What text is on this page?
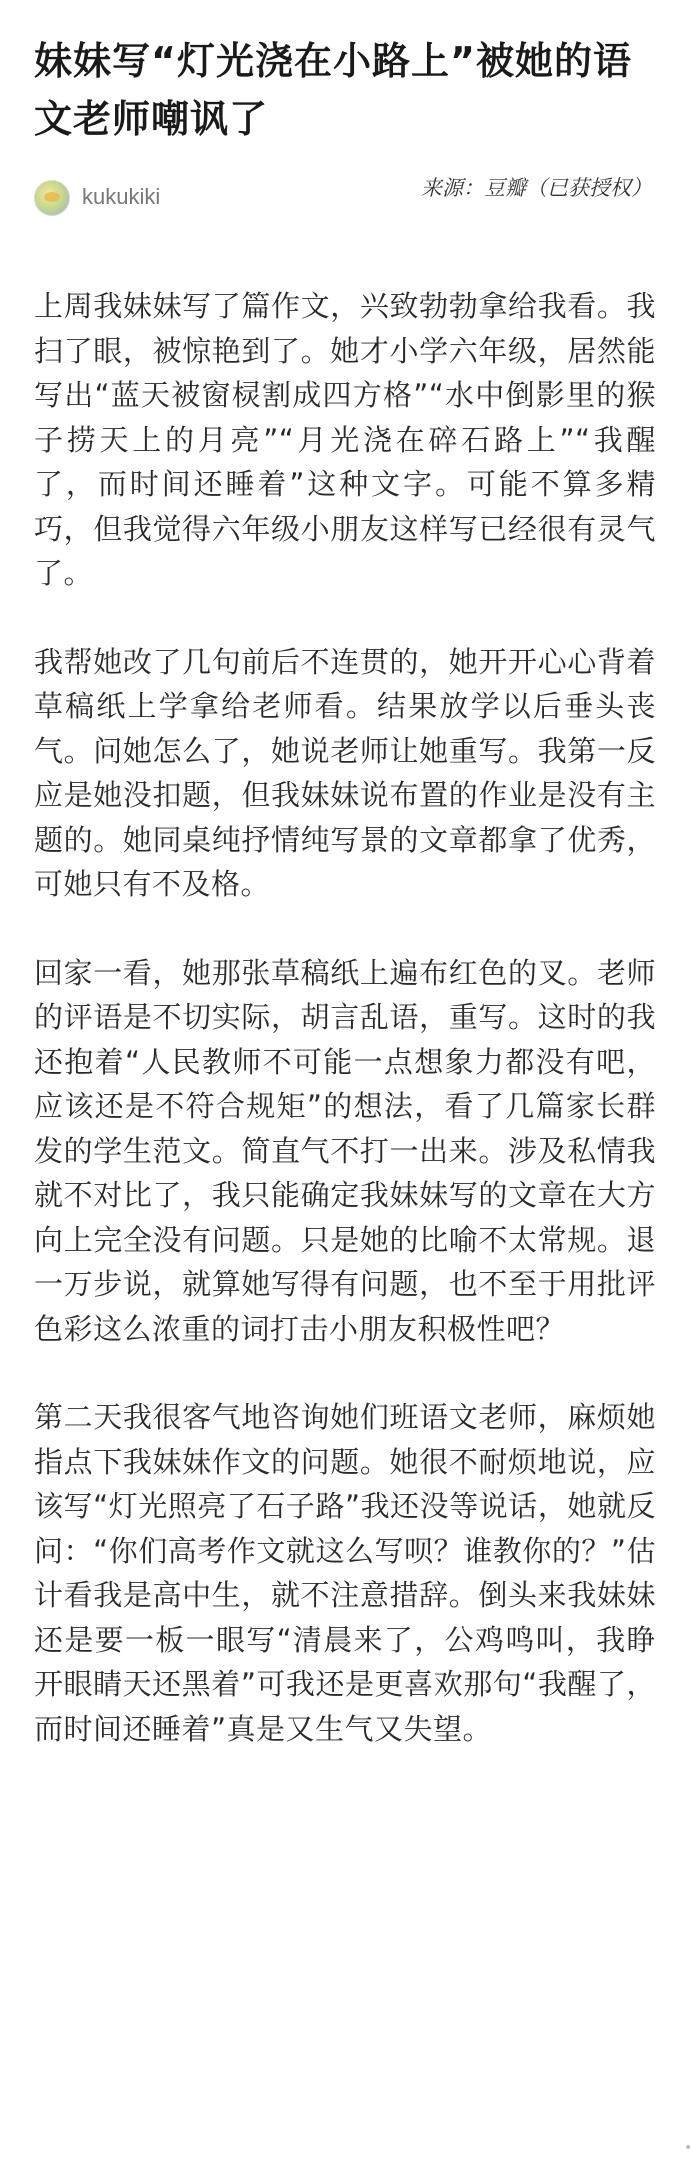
妹妹写“灯光浇在小路上”被她的语文老师嘲讽了
kukukiki	来源：豆瓣（已获授权）

上周我妹妹写了篇作文，兴致勃勃拿给我看。我扫了眼，被惊艳到了。她才小学六年级，居然能写出“蓝天被窗棂割成四方格”“水中倒影里的猴子捞天上的月亮”“月光浇在碎石路上”“我醒了，而时间还睡着”这种文字。可能不算多精巧，但我觉得六年级小朋友这样写已经很有灵气了。

我帮她改了几句前后不连贯的，她开开心心背着草稿纸上学拿给老师看。结果放学以后垂头丧气。问她怎么了，她说老师让她重写。我第一反应是她没扣题，但我妹妹说布置的作业是没有主题的。她同桌纯抒情纯写景的文章都拿了优秀，可她只有不及格。

回家一看，她那张草稿纸上遍布红色的叉。老师的评语是不切实际，胡言乱语，重写。这时的我还抱着“人民教师不可能一点想象力都没有吧，应该还是不符合规矩”的想法，看了几篇家长群发的学生范文。简直气不打一出来。涉及私情我就不对比了，我只能确定我妹妹写的文章在大方向上完全没有问题。只是她的比喻不太常规。退一万步说，就算她写得有问题，也不至于用批评色彩这么浓重的词打击小朋友积极性吧？

第二天我很客气地咨询她们班语文老师，麻烦她指点下我妹妹作文的问题。她很不耐烦地说，应该写“灯光照亮了石子路”我还没等说话，她就反问：“你们高考作文就这么写呗？谁教你的？”估计看我是高中生，就不注意措辞。倒头来我妹妹还是要一板一眼写“清晨来了，公鸡鸣叫，我睁开眼睛天还黑着”可我还是更喜欢那句“我醒了，而时间还睡着”真是又生气又失望。

•
